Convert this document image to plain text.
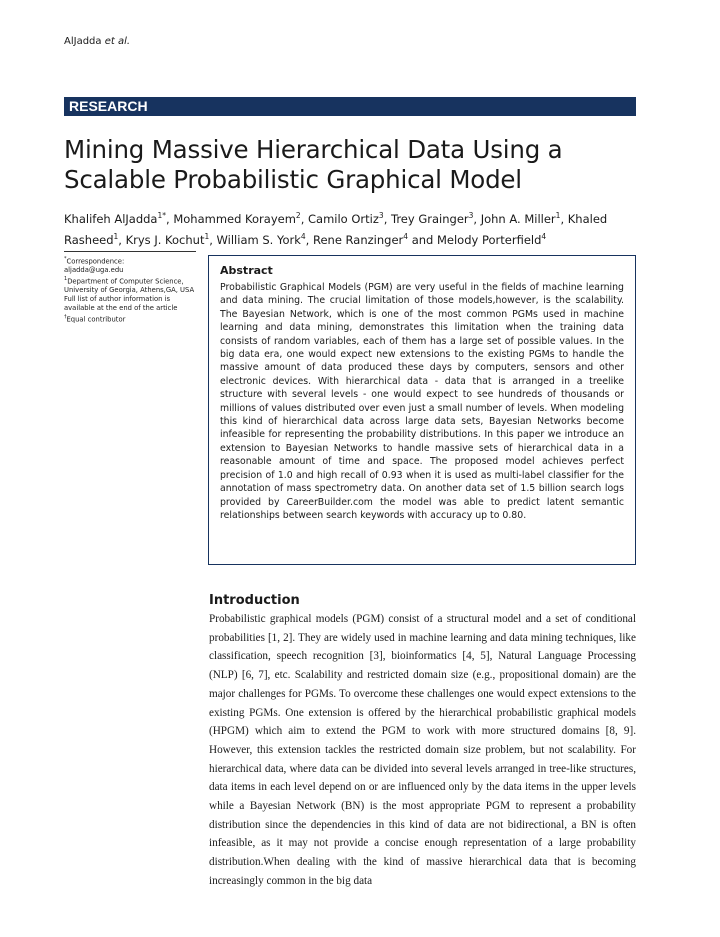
AlJadda et al.
RESEARCH
Mining Massive Hierarchical Data Using a Scalable Probabilistic Graphical Model
Khalifeh AlJadda$^{1*}$, Mohammed Korayem$^2$, Camilo Ortiz$^3$, Trey Grainger$^3$, John A. Miller$^1$, Khaled Rasheed$^1$, Krys J. Kochut$^1$, William S. York$^4$, Rene Ranzinger$^4$ and Melody Porterfield$^4$
*Correspondence:
aljadda@uga.edu
$^1$Department of Computer Science, University of Georgia, Athens,GA, USA
Full list of author information is available at the end of the article
†Equal contributor
Abstract
Probabilistic Graphical Models (PGM) are very useful in the fields of machine learning and data mining. The crucial limitation of those models,however, is the scalability. The Bayesian Network, which is one of the most common PGMs used in machine learning and data mining, demonstrates this limitation when the training data consists of random variables, each of them has a large set of possible values. In the big data era, one would expect new extensions to the existing PGMs to handle the massive amount of data produced these days by computers, sensors and other electronic devices. With hierarchical data - data that is arranged in a treelike structure with several levels - one would expect to see hundreds of thousands or millions of values distributed over even just a small number of levels. When modeling this kind of hierarchical data across large data sets, Bayesian Networks become infeasible for representing the probability distributions. In this paper we introduce an extension to Bayesian Networks to handle massive sets of hierarchical data in a reasonable amount of time and space. The proposed model achieves perfect precision of 1.0 and high recall of 0.93 when it is used as multi-label classifier for the annotation of mass spectrometry data. On another data set of 1.5 billion search logs provided by CareerBuilder.com the model was able to predict latent semantic relationships between search keywords with accuracy up to 0.80.
Introduction

Probabilistic graphical models (PGM) consist of a structural model and a set of conditional probabilities [1, 2]. They are widely used in machine learning and data mining techniques, like classification, speech recognition [3], bioinformatics [4, 5], Natural Language Processing (NLP) [6, 7], etc. Scalability and restricted domain size (e.g., propositional domain) are the major challenges for PGMs. To overcome these challenges one would expect extensions to the existing PGMs. One extension is offered by the hierarchical probabilistic graphical models (HPGM) which aim to extend the PGM to work with more structured domains [8, 9]. However, this extension tackles the restricted domain size problem, but not scalability. For hierarchical data, where data can be divided into several levels arranged in tree-like structures, data items in each level depend on or are influenced only by the data items in the upper levels while a Bayesian Network (BN) is the most appropriate PGM to represent a probability distribution since the dependencies in this kind of data are not bidirectional, a BN is often infeasible, as it may not provide a concise enough representation of a large probability distribution.When dealing with the kind of massive hierarchical data that is becoming increasingly common in the big data
